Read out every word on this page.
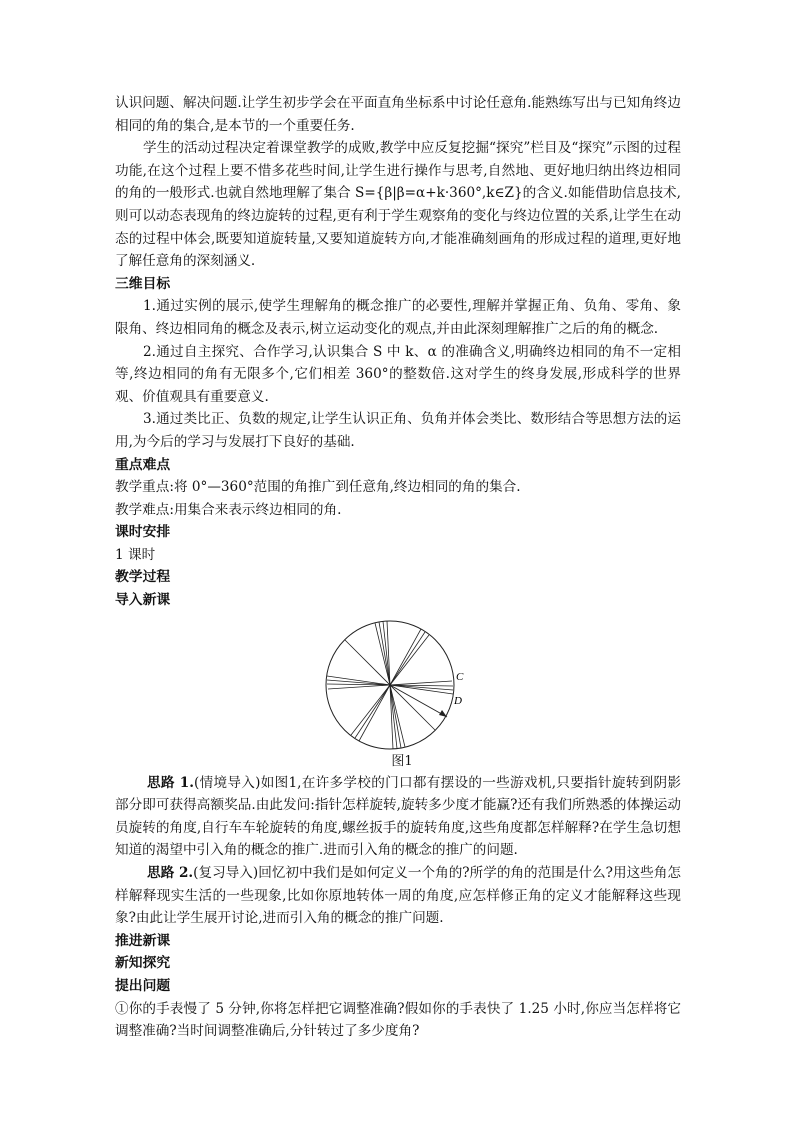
认识问题、解决问题.让学生初步学会在平面直角坐标系中讨论任意角.能熟练写出与已知角终边相同的角的集合,是本节的一个重要任务.

学生的活动过程决定着课堂教学的成败,教学中应反复挖掘“探究”栏目及“探究”示图的过程功能,在这个过程上要不惜多花些时间,让学生进行操作与思考,自然地、更好地归纳出终边相同的角的一般形式.也就自然地理解了集合 S={β|β=α+k·360°,k∈Z}的含义.如能借助信息技术,则可以动态表现角的终边旋转的过程,更有利于学生观察角的变化与终边位置的关系,让学生在动态的过程中体会,既要知道旋转量,又要知道旋转方向,才能准确刻画角的形成过程的道理,更好地了解任意角的深刻涵义.

三维目标

1.通过实例的展示,使学生理解角的概念推广的必要性,理解并掌握正角、负角、零角、象限角、终边相同角的概念及表示,树立运动变化的观点,并由此深刻理解推广之后的角的概念.

2.通过自主探究、合作学习,认识集合 S 中 k、α 的准确含义,明确终边相同的角不一定相等,终边相同的角有无限多个,它们相差 360°的整数倍.这对学生的终身发展,形成科学的世界观、价值观具有重要意义.

3.通过类比正、负数的规定,让学生认识正角、负角并体会类比、数形结合等思想方法的运用,为今后的学习与发展打下良好的基础.

重点难点

教学重点:将 0°—360°范围的角推广到任意角,终边相同的角的集合.

教学难点:用集合来表示终边相同的角.

课时安排

1 课时

教学过程
导入新课
C
D
图1

思路 1.(情境导入)如图1,在许多学校的门口都有摆设的一些游戏机,只要指针旋转到阴影部分即可获得高额奖品.由此发问:指针怎样旋转,旋转多少度才能赢?还有我们所熟悉的体操运动员旋转的角度,自行车车轮旋转的角度,螺丝扳手的旋转角度,这些角度都怎样解释?在学生急切想知道的渴望中引入角的概念的推广.进而引入角的概念的推广的问题.

思路 2.(复习导入)回忆初中我们是如何定义一个角的?所学的角的范围是什么?用这些角怎样解释现实生活的一些现象,比如你原地转体一周的角度,应怎样修正角的定义才能解释这些现象?由此让学生展开讨论,进而引入角的概念的推广问题.

推进新课
新知探究
提出问题

①你的手表慢了 5 分钟,你将怎样把它调整准确?假如你的手表快了 1.25 小时,你应当怎样将它调整准确?当时间调整准确后,分针转过了多少度角?
